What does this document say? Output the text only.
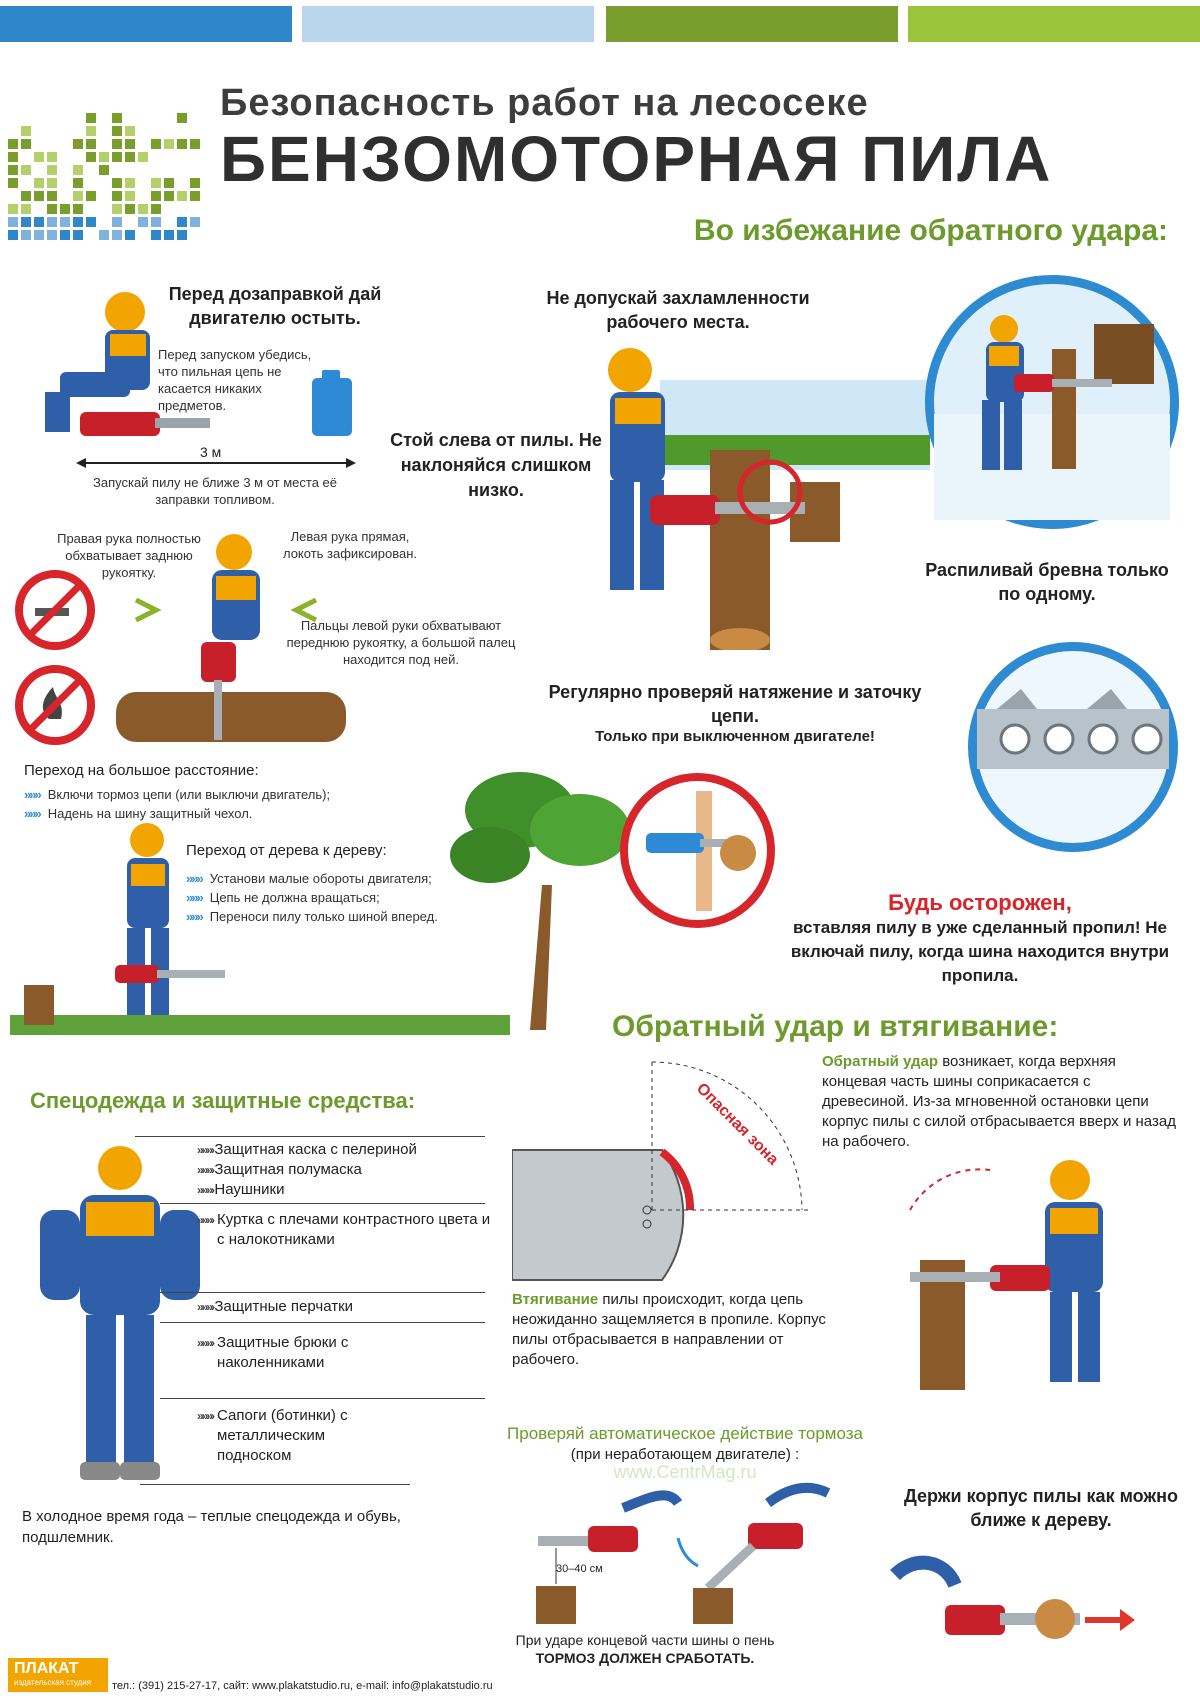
Безопасность работ на лесосеке
БЕНЗОМОТОРНАЯ ПИЛА
Во избежание обратного удара:
Перед дозаправкой дай двигателю остыть.
Перед запуском убедись, что пильная цепь не касается никаких предметов.
3 м
Запускай пилу не ближе 3 м от места её заправки топливом.
Стой слева от пилы. Не наклоняйся слишком низко.
Не допускай захламленности рабочего места.
Распиливай бревна только по одному.
Регулярно проверяй натяжение и заточку цепи.
Только при выключенном двигателе!
Правая рука полностью обхватывает заднюю рукоятку.
Левая рука прямая, локоть зафиксирован.
Пальцы левой руки обхватывают переднюю рукоятку, а большой палец находится под ней.
Переход на большое расстояние:
»»» Включи тормоз цепи (или выключи двигатель);
»»» Надень на шину защитный чехол.
Переход от дерева к дереву:
»»» Установи малые обороты двигателя;
»»» Цепь не должна вращаться;
»»» Переноси пилу только шиной вперед.
Будь осторожен,
вставляя пилу в уже сделанный пропил! Не включай пилу, когда шина находится внутри пропила.
Обратный удар и втягивание:
Спецодежда и защитные средства:
»»»› Защитная каска с пелериной
»»»› Защитная полумаска
»»»› Наушники
»»»› Куртка с плечами контрастного цвета и с налокотниками
»»»› Защитные перчатки
»»»› Защитные брюки с наколенниками
»»»› Сапоги (ботинки) с металлическим подноском
В холодное время года – теплые спецодежда и обувь, подшлемник.
Опасная зона
Обратный удар возникает, когда верхняя концевая часть шины соприкасается с древесиной. Из-за мгновенной остановки цепи корпус пилы с силой отбрасывается вверх и назад на рабочего.
Втягивание пилы происходит, когда цепь неожиданно защемляется в пропиле. Корпус пилы отбрасывается в направлении от рабочего.
Проверяй автоматическое действие тормоза
(при неработающем двигателе) :
www.CentrMag.ru
30–40 см
При ударе концевой части шины о пень
ТОРМОЗ ДОЛЖЕН СРАБОТАТЬ.
Держи корпус пилы как можно ближе к дереву.
ПЛАКАТ
издательская студия	тел.: (391) 215-27-17, сайт: www.plakatstudio.ru, e-mail: info@plakatstudio.ru
